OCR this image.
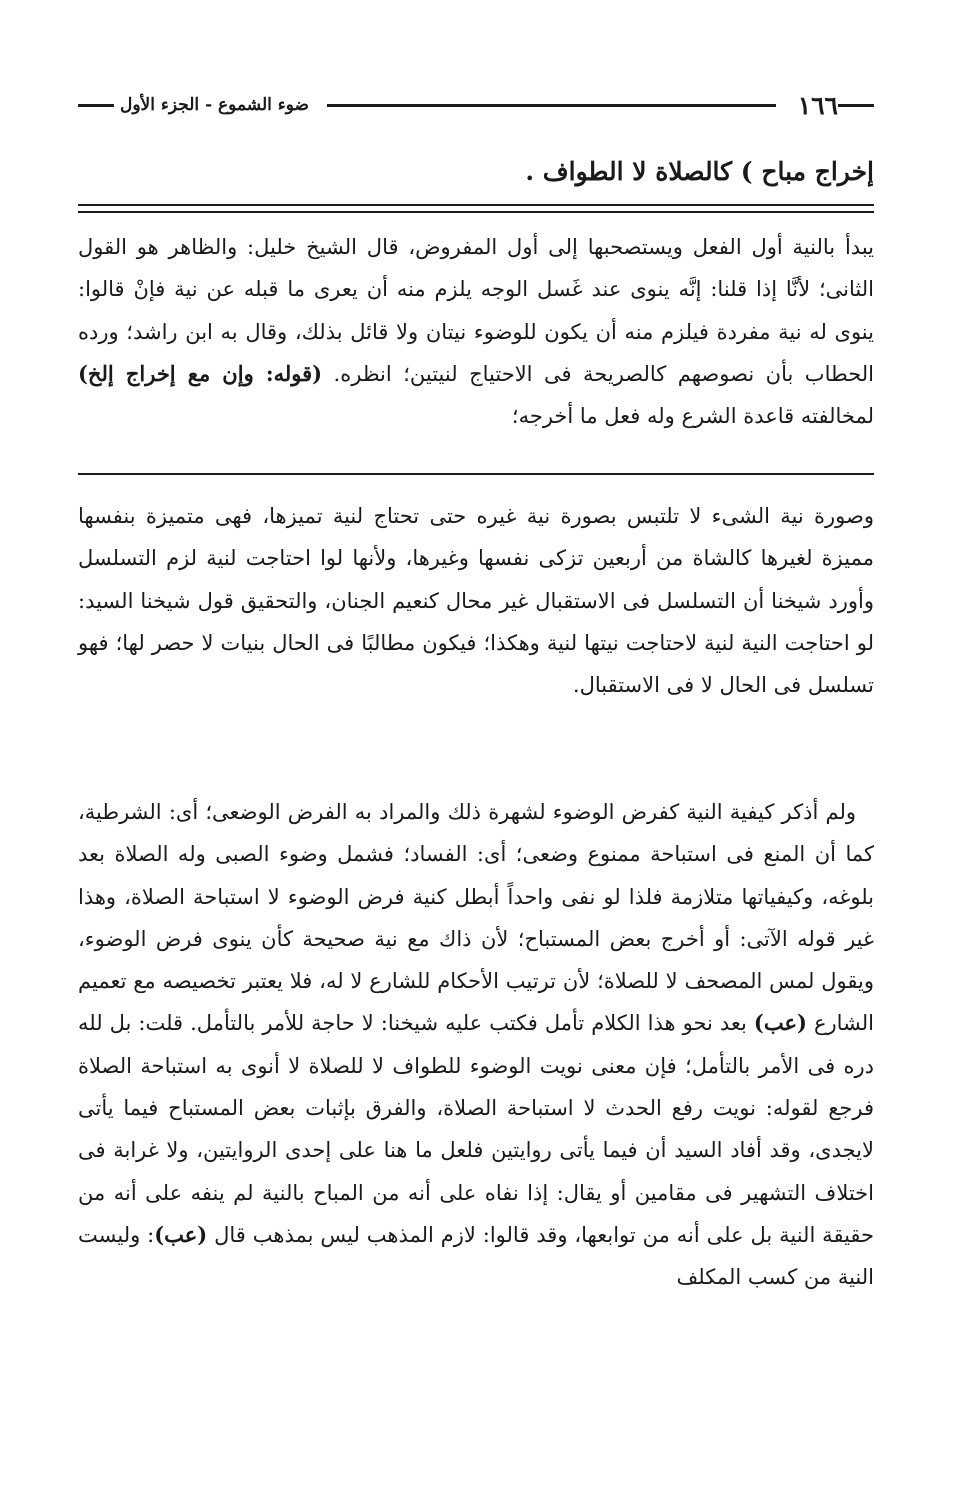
١٦٦
ضوء الشموع - الجزء الأول
إخراج مباح ) كالصلاة لا الطواف .

يبدأ بالنية أول الفعل ويستصحبها إلى أول المفروض، قال الشيخ خليل: والظاهر هو القول الثانى؛ لأنَّا إذا قلنا: إنَّه ينوى عند غَسل الوجه يلزم منه أن يعرى ما قبله عن نية فإنْ قالوا: ينوى له نية مفردة فيلزم منه أن يكون للوضوء نيتان ولا قائل بذلك، وقال به ابن راشد؛ ورده الحطاب بأن نصوصهم كالصريحة فى الاحتياج لنيتين؛ انظره. (قوله: وإن مع إخراج إلخ) لمخالفته قاعدة الشرع وله فعل ما أخرجه؛

وصورة نية الشىء لا تلتبس بصورة نية غيره حتى تحتاج لنية تميزها، فهى متميزة بنفسها مميزة لغيرها كالشاة من أربعين تزكى نفسها وغيرها، ولأنها لوا احتاجت لنية لزم التسلسل وأورد شيخنا أن التسلسل فى الاستقبال غير محال كنعيم الجنان، والتحقيق قول شيخنا السيد: لو احتاجت النية لنية لاحتاجت نيتها لنية وهكذا؛ فيكون مطالبًا فى الحال بنيات لا حصر لها؛ فهو تسلسل فى الحال لا فى الاستقبال.

ولم أذكر كيفية النية كفرض الوضوء لشهرة ذلك والمراد به الفرض الوضعى؛ أى: الشرطية، كما أن المنع فى استباحة ممنوع وضعى؛ أى: الفساد؛ فشمل وضوء الصبى وله الصلاة بعد بلوغه، وكيفياتها متلازمة فلذا لو نفى واحداً أبطل كنية فرض الوضوء لا استباحة الصلاة، وهذا غير قوله الآتى: أو أخرج بعض المستباح؛ لأن ذاك مع نية صحيحة كأن ينوى فرض الوضوء، ويقول لمس المصحف لا للصلاة؛ لأن ترتيب الأحكام للشارع لا له، فلا يعتبر تخصيصه مع تعميم الشارع (عب) بعد نحو هذا الكلام تأمل فكتب عليه شيخنا: لا حاجة للأمر بالتأمل. قلت: بل لله دره فى الأمر بالتأمل؛ فإن معنى نويت الوضوء للطواف لا للصلاة لا أنوى به استباحة الصلاة فرجع لقوله: نويت رفع الحدث لا استباحة الصلاة، والفرق بإثبات بعض المستباح فيما يأتى لايجدى، وقد أفاد السيد أن فيما يأتى روايتين فلعل ما هنا على إحدى الروايتين، ولا غرابة فى اختلاف التشهير فى مقامين أو يقال: إذا نفاه على أنه من المباح بالنية لم ينفه على أنه من حقيقة النية بل على أنه من توابعها، وقد قالوا: لازم المذهب ليس بمذهب قال (عب): وليست النية من كسب المكلف
